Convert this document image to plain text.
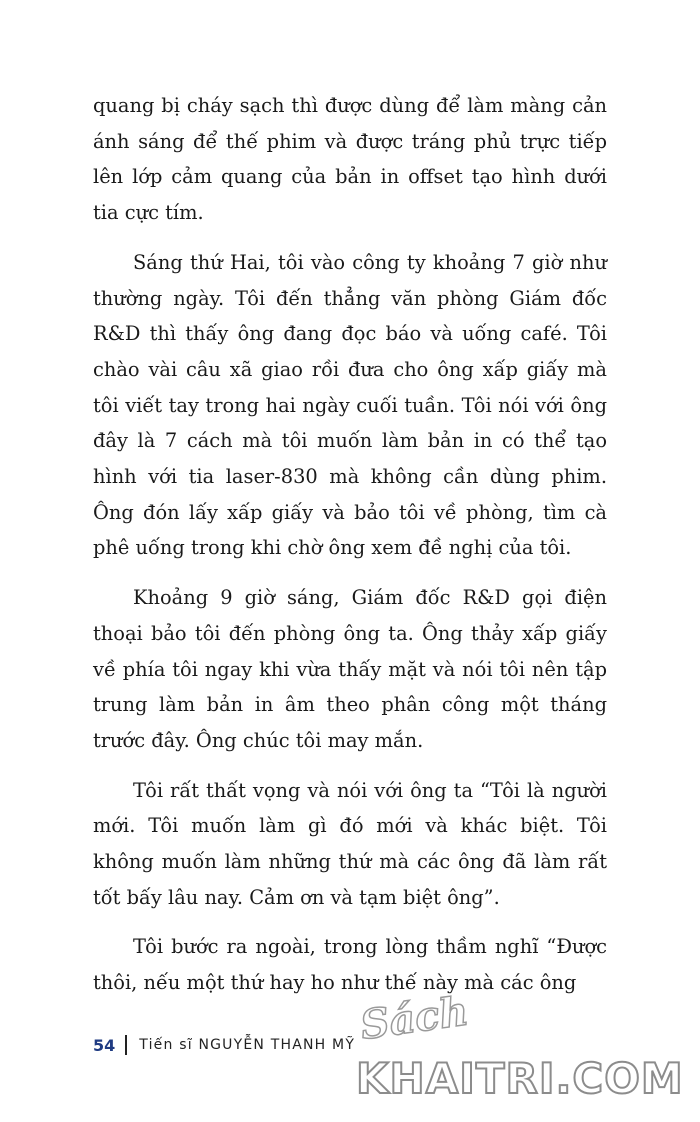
quang bị cháy sạch thì được dùng để làm màng cản ánh sáng để thế phim và được tráng phủ trực tiếp lên lớp cảm quang của bản in offset tạo hình dưới tia cực tím.

Sáng thứ Hai, tôi vào công ty khoảng 7 giờ như thường ngày. Tôi đến thẳng văn phòng Giám đốc R&D thì thấy ông đang đọc báo và uống café. Tôi chào vài câu xã giao rồi đưa cho ông xấp giấy mà tôi viết tay trong hai ngày cuối tuần. Tôi nói với ông đây là 7 cách mà tôi muốn làm bản in có thể tạo hình với tia laser-830 mà không cần dùng phim. Ông đón lấy xấp giấy và bảo tôi về phòng, tìm cà phê uống trong khi chờ ông xem đề nghị của tôi.

Khoảng 9 giờ sáng, Giám đốc R&D gọi điện thoại bảo tôi đến phòng ông ta. Ông thảy xấp giấy về phía tôi ngay khi vừa thấy mặt và nói tôi nên tập trung làm bản in âm theo phân công một tháng trước đây. Ông chúc tôi may mắn.

Tôi rất thất vọng và nói với ông ta “Tôi là người mới. Tôi muốn làm gì đó mới và khác biệt. Tôi không muốn làm những thứ mà các ông đã làm rất tốt bấy lâu nay. Cảm ơn và tạm biệt ông”.

Tôi bước ra ngoài, trong lòng thầm nghĩ “Được thôi, nếu một thứ hay ho như thế này mà các ông

54 Tiến sĩ NGUYỄN THANH MỸ Sách
KHAITRI.COM
